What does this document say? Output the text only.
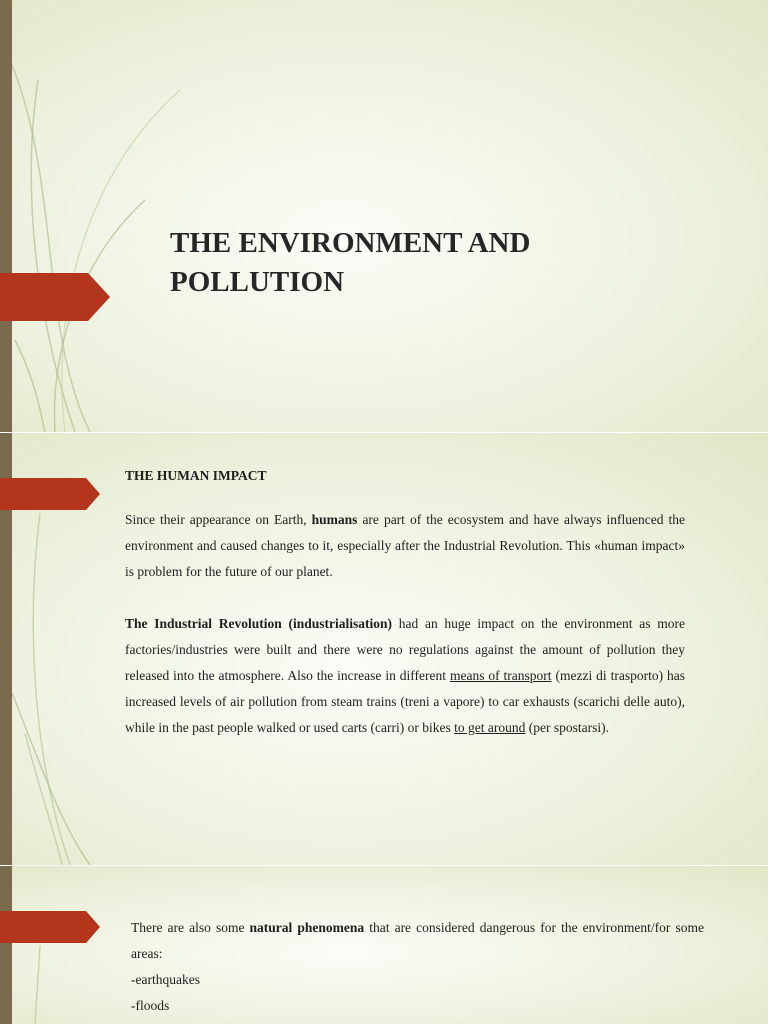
THE ENVIRONMENT AND
POLLUTION

THE HUMAN IMPACT

Since their appearance on Earth, humans are part of the ecosystem and have always influenced the environment and caused changes to it, especially after the Industrial Revolution. This «human impact» is problem for the future of our planet.

The Industrial Revolution (industrialisation) had an huge impact on the environment as more factories/industries were built and there were no regulations against the amount of pollution they released into the atmosphere. Also the increase in different means of transport (mezzi di trasporto) has increased levels of air pollution from steam trains (treni a vapore) to car exhausts (scarichi delle auto), while in the past people walked or used carts (carri) or bikes to get around (per spostarsi).

There are also some natural phenomena that are considered dangerous for the environment/for some areas:

-earthquakes

-floods
